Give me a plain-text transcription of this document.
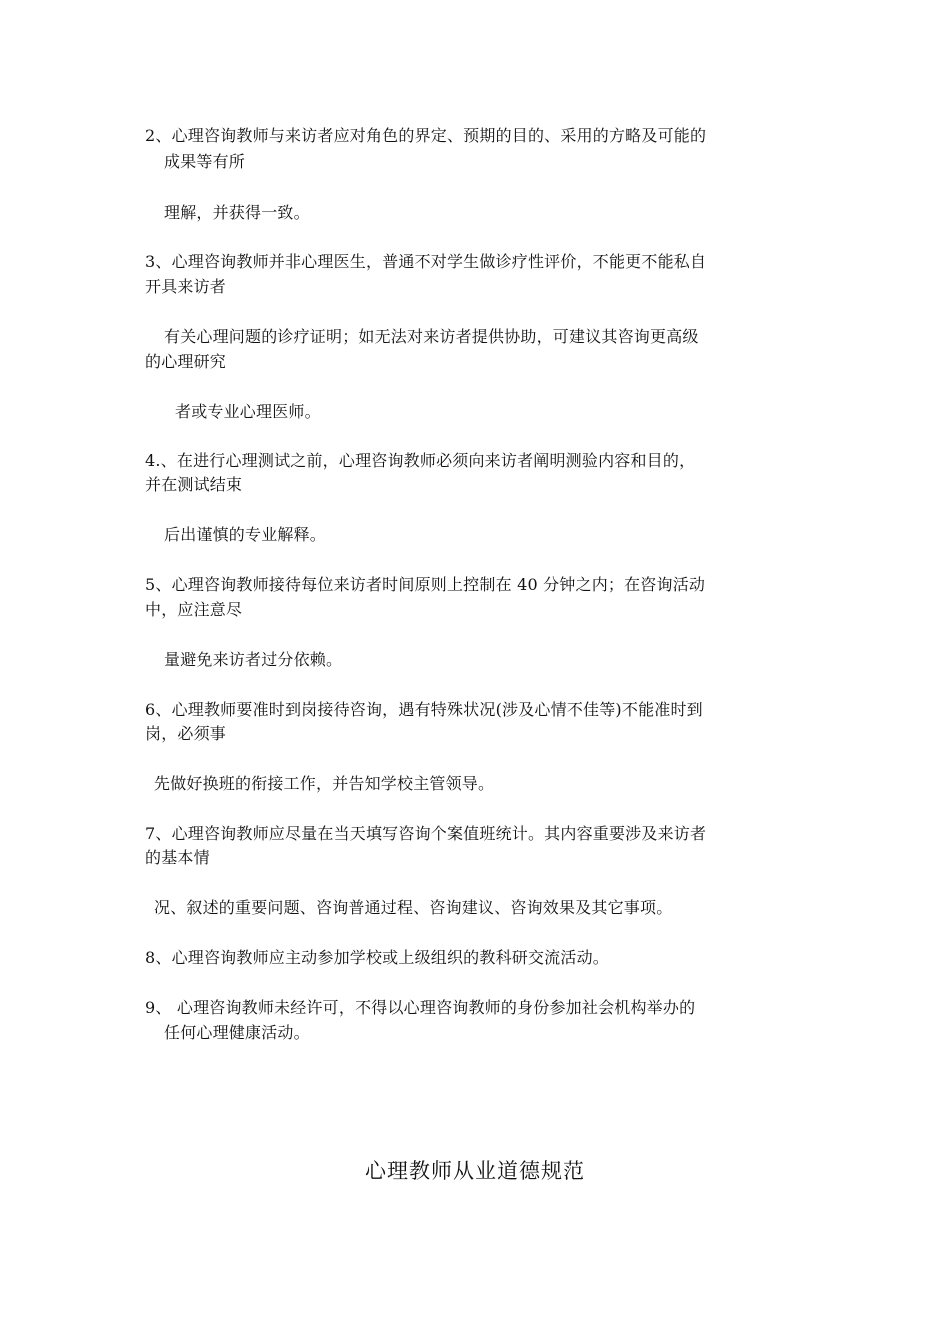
2、心理咨询教师与来访者应对角色的界定、预期的目的、采用的方略及可能的
成果等有所
理解，并获得一致。
3、心理咨询教师并非心理医生，普通不对学生做诊疗性评价，不能更不能私自
开具来访者
有关心理问题的诊疗证明；如无法对来访者提供协助，可建议其咨询更高级
的心理研究
者或专业心理医师。
4.、在进行心理测试之前，心理咨询教师必须向来访者阐明测验内容和目的，
并在测试结束
后出谨慎的专业解释。
5、心理咨询教师接待每位来访者时间原则上控制在 40 分钟之内；在咨询活动
中，应注意尽
量避免来访者过分依赖。
6、心理教师要准时到岗接待咨询，遇有特殊状况(涉及心情不佳等)不能准时到
岗，必须事
先做好换班的衔接工作，并告知学校主管领导。
7、心理咨询教师应尽量在当天填写咨询个案值班统计。其内容重要涉及来访者
的基本情
况、叙述的重要问题、咨询普通过程、咨询建议、咨询效果及其它事项。
8、心理咨询教师应主动参加学校或上级组织的教科研交流活动。
9、 心理咨询教师未经许可，不得以心理咨询教师的身份参加社会机构举办的
任何心理健康活动。
心理教师从业道德规范
